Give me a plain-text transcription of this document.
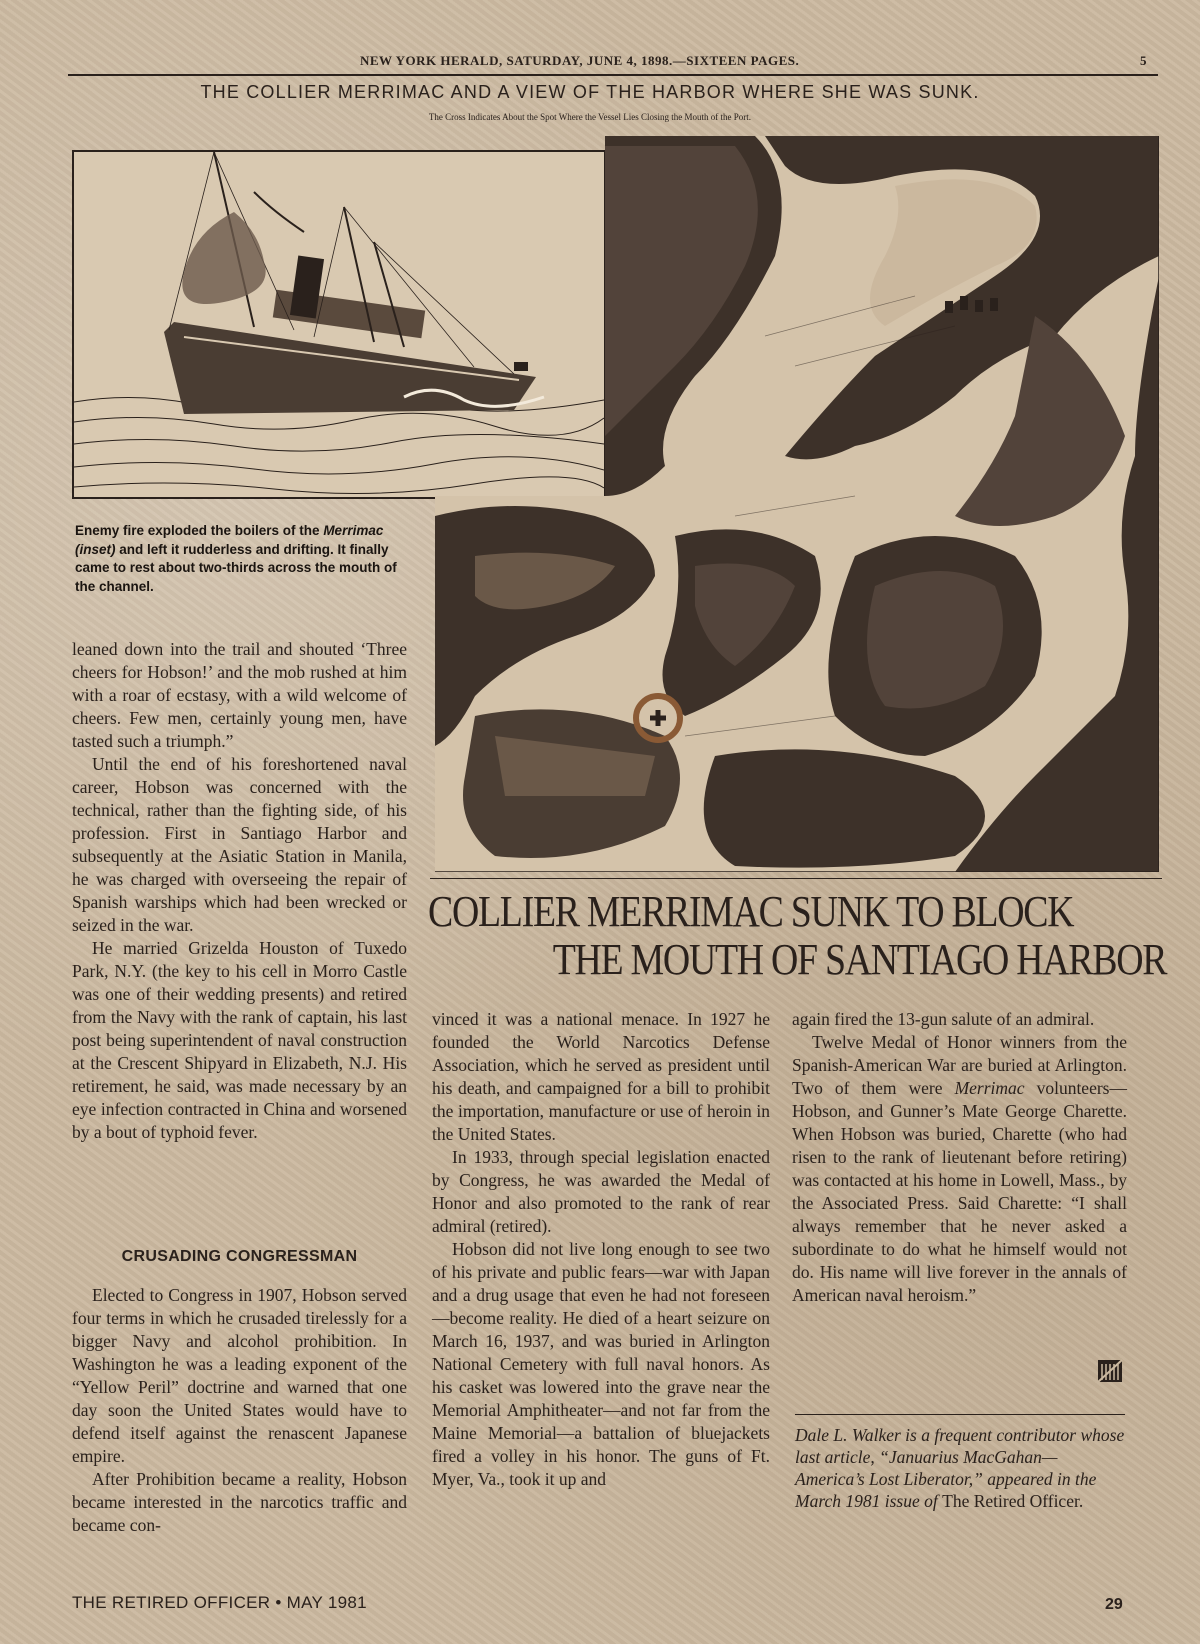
NEW YORK HERALD, SATURDAY, JUNE 4, 1898.—SIXTEEN PAGES.	5
THE COLLIER MERRIMAC AND A VIEW OF THE HARBOR WHERE SHE WAS SUNK.
The Cross Indicates About the Spot Where the Vessel Lies Closing the Mouth of the Port.
Enemy fire exploded the boilers of the Merrimac (inset) and left it rudderless and drifting. It finally came to rest about two-thirds across the mouth of the channel.
COLLIER MERRIMAC SUNK TO BLOCK
THE MOUTH OF SANTIAGO HARBOR

leaned down into the trail and shouted ‘Three cheers for Hobson!’ and the mob rushed at him with a roar of ecstasy, with a wild welcome of cheers. Few men, certainly young men, have tasted such a triumph.”

Until the end of his foreshortened naval career, Hobson was concerned with the technical, rather than the fighting side, of his profession. First in Santiago Harbor and subsequently at the Asiatic Station in Manila, he was charged with overseeing the repair of Spanish warships which had been wrecked or seized in the war.

He married Grizelda Houston of Tuxedo Park, N.Y. (the key to his cell in Morro Castle was one of their wedding presents) and retired from the Navy with the rank of captain, his last post being superintendent of naval construction at the Crescent Shipyard in Elizabeth, N.J. His retirement, he said, was made necessary by an eye infection contracted in China and worsened by a bout of typhoid fever.

CRUSADING CONGRESSMAN

Elected to Congress in 1907, Hobson served four terms in which he crusaded tirelessly for a bigger Navy and alcohol prohibition. In Washington he was a leading exponent of the “Yellow Peril” doctrine and warned that one day soon the United States would have to defend itself against the renascent Japanese empire.

After Prohibition became a reality, Hobson became interested in the narcotics traffic and became con-

vinced it was a national menace. In 1927 he founded the World Narcotics Defense Association, which he served as president until his death, and campaigned for a bill to prohibit the importation, manufacture or use of heroin in the United States.

In 1933, through special legislation enacted by Congress, he was awarded the Medal of Honor and also promoted to the rank of rear admiral (retired).

Hobson did not live long enough to see two of his private and public fears—war with Japan and a drug usage that even he had not foreseen—become reality. He died of a heart seizure on March 16, 1937, and was buried in Arlington National Cemetery with full naval honors. As his casket was lowered into the grave near the Memorial Amphitheater—and not far from the Maine Memorial—a battalion of bluejackets fired a volley in his honor. The guns of Ft. Myer, Va., took it up and

again fired the 13-gun salute of an admiral.

Twelve Medal of Honor winners from the Spanish-American War are buried at Arlington. Two of them were Merrimac volunteers—Hobson, and Gunner’s Mate George Charette. When Hobson was buried, Charette (who had risen to the rank of lieutenant before retiring) was contacted at his home in Lowell, Mass., by the Associated Press. Said Charette: “I shall always remember that he never asked a subordinate to do what he himself would not do. His name will live forever in the annals of American naval heroism.”

Dale L. Walker is a frequent contributor whose last article, “Januarius MacGahan—America’s Lost Liberator,” appeared in the March 1981 issue of The Retired Officer.
THE RETIRED OFFICER • MAY 1981	29
